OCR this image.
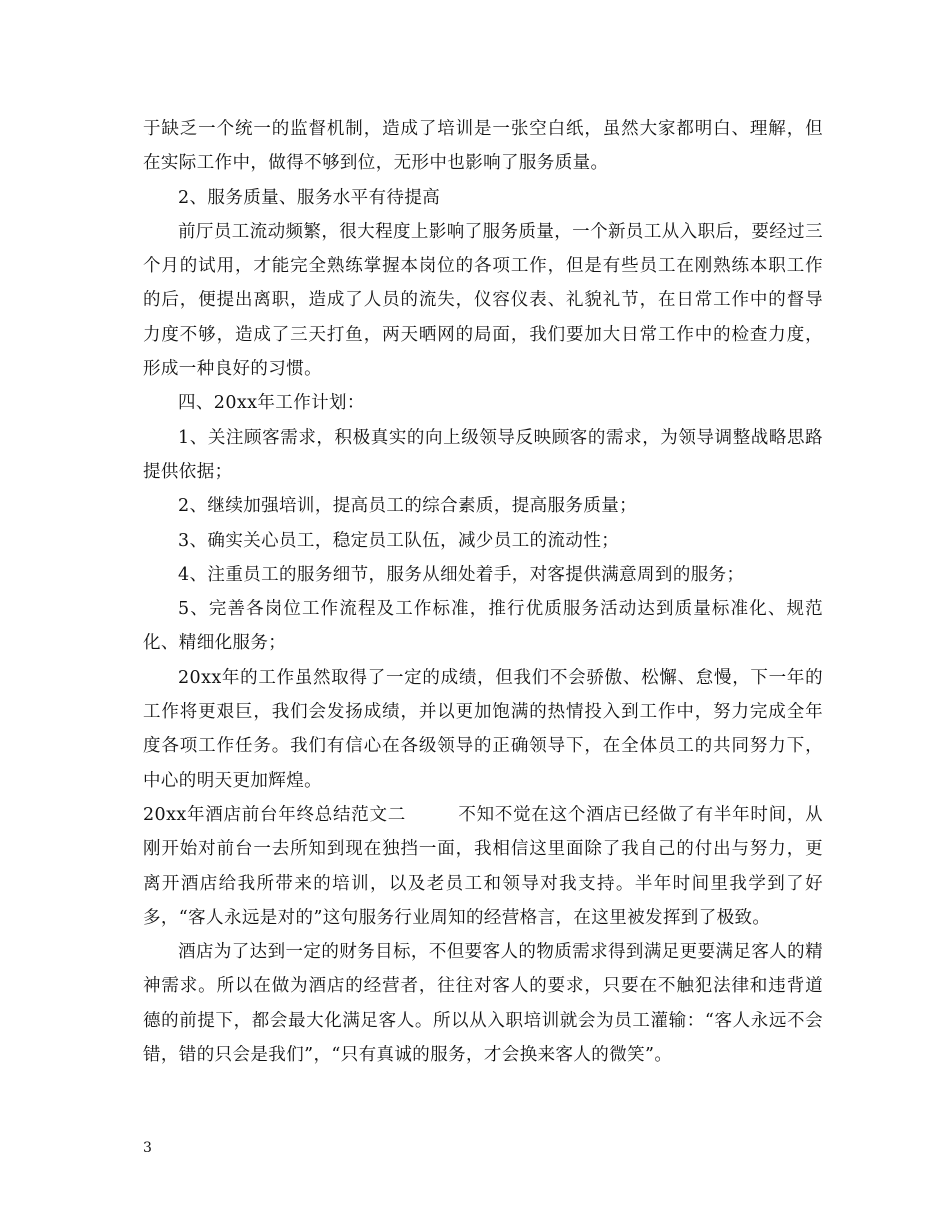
于缺乏一个统一的监督机制，造成了培训是一张空白纸，虽然大家都明白、理解，但在实际工作中，做得不够到位，无形中也影响了服务质量。

2、服务质量、服务水平有待提高

前厅员工流动频繁，很大程度上影响了服务质量，一个新员工从入职后，要经过三个月的试用，才能完全熟练掌握本岗位的各项工作，但是有些员工在刚熟练本职工作的后，便提出离职，造成了人员的流失，仪容仪表、礼貌礼节，在日常工作中的督导力度不够，造成了三天打鱼，两天晒网的局面，我们要加大日常工作中的检查力度，形成一种良好的习惯。

四、20xx年工作计划：

1、关注顾客需求，积极真实的向上级领导反映顾客的需求，为领导调整战略思路提供依据；

2、继续加强培训，提高员工的综合素质，提高服务质量；

3、确实关心员工，稳定员工队伍，减少员工的流动性；

4、注重员工的服务细节，服务从细处着手，对客提供满意周到的服务；

5、完善各岗位工作流程及工作标准，推行优质服务活动达到质量标准化、规范化、精细化服务；

20xx年的工作虽然取得了一定的成绩，但我们不会骄傲、松懈、怠慢，下一年的工作将更艰巨，我们会发扬成绩，并以更加饱满的热情投入到工作中，努力完成全年度各项工作任务。我们有信心在各级领导的正确领导下，在全体员工的共同努力下，中心的明天更加辉煌。

20xx年酒店前台年终总结范文二	不知不觉在这个酒店已经做了有半年时间，从刚开始对前台一去所知到现在独挡一面，我相信这里面除了我自己的付出与努力，更离开酒店给我所带来的培训，以及老员工和领导对我支持。半年时间里我学到了好多，“客人永远是对的”这句服务行业周知的经营格言，在这里被发挥到了极致。

酒店为了达到一定的财务目标，不但要客人的物质需求得到满足更要满足客人的精神需求。所以在做为酒店的经营者，往往对客人的要求，只要在不触犯法律和违背道德的前提下，都会最大化满足客人。所以从入职培训就会为员工灌输：“客人永远不会错，错的只会是我们”，“只有真诚的服务，才会换来客人的微笑”。

3
